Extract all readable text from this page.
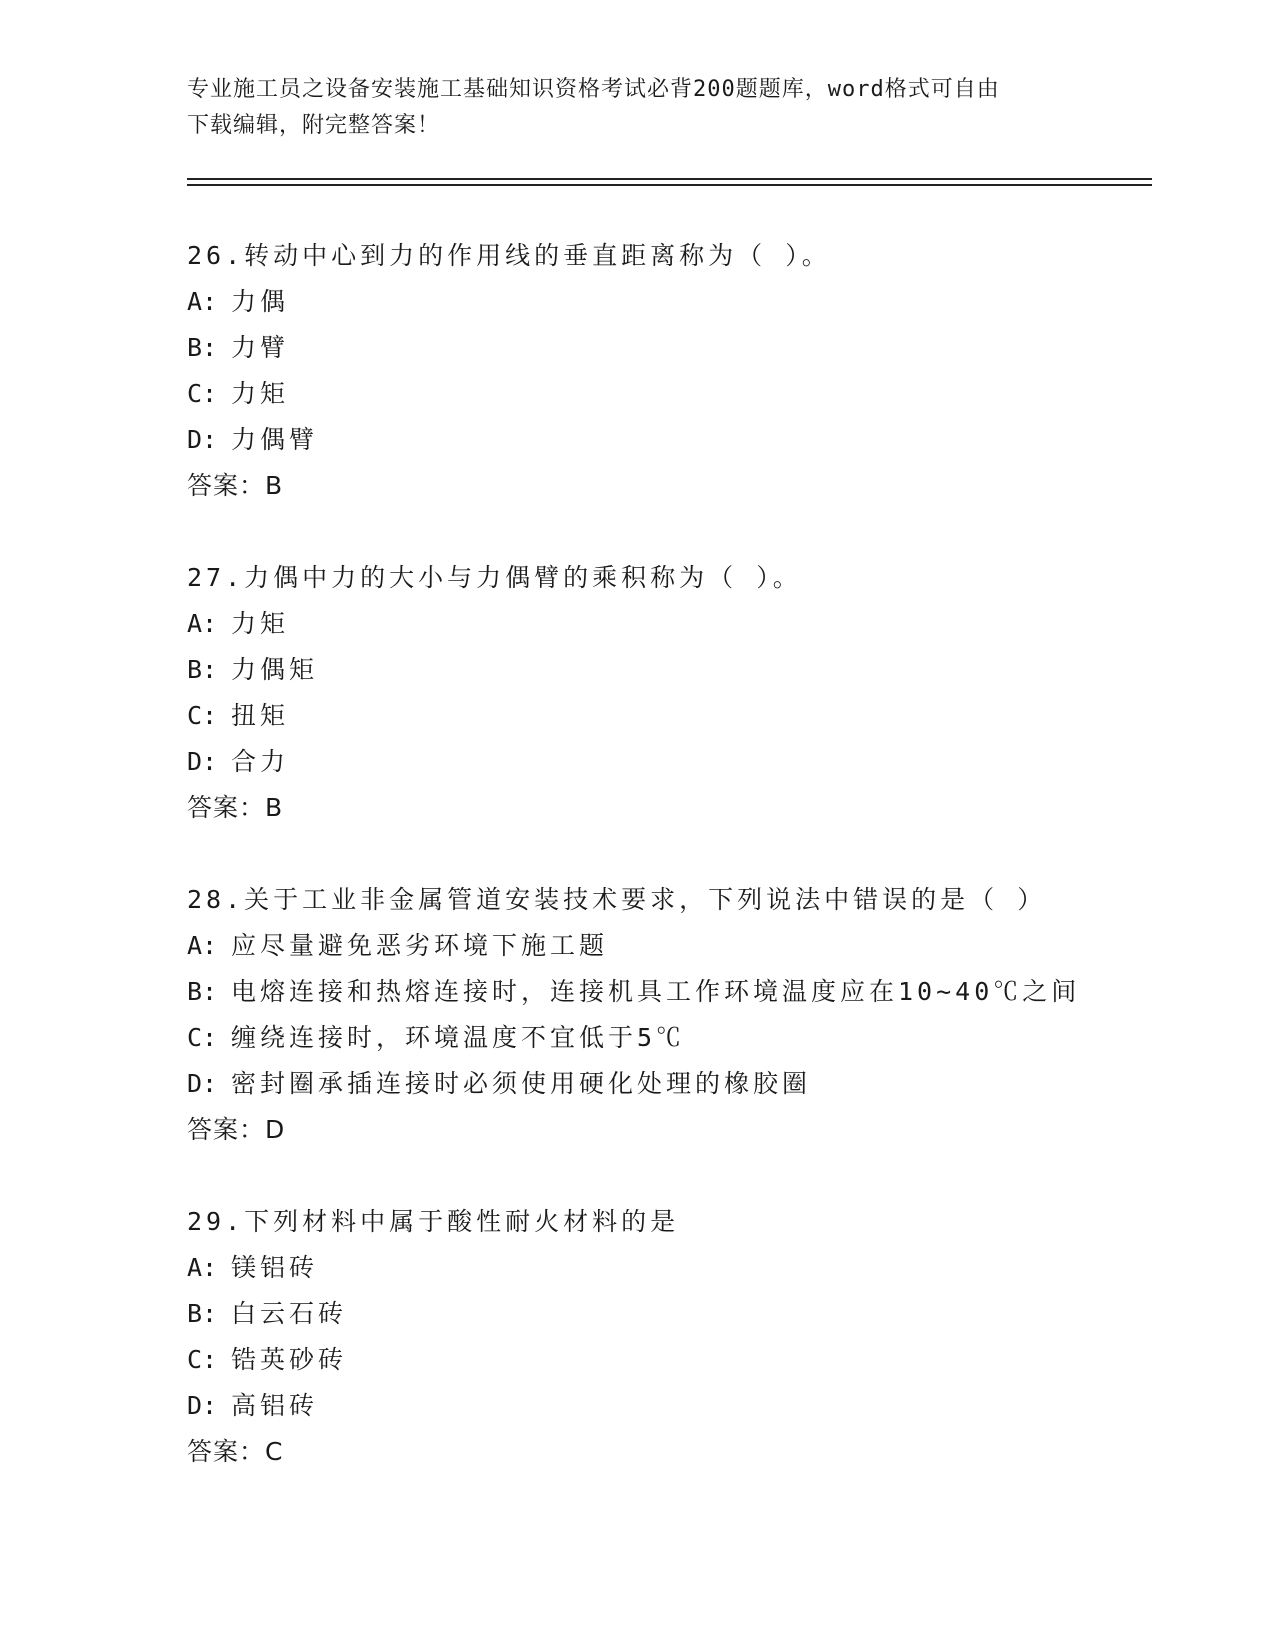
专业施工员之设备安装施工基础知识资格考试必背200题题库，word格式可自由
下载编辑，附完整答案！
26.转动中心到力的作用线的垂直距离称为（ ）。
A: 力偶
B: 力臂
C: 力矩
D: 力偶臂
答案：B
27.力偶中力的大小与力偶臂的乘积称为（ ）。
A: 力矩
B: 力偶矩
C: 扭矩
D: 合力
答案：B
28.关于工业非金属管道安装技术要求，下列说法中错误的是（ ）
A: 应尽量避免恶劣环境下施工题
B: 电熔连接和热熔连接时，连接机具工作环境温度应在10~40℃之间
C: 缠绕连接时，环境温度不宜低于5℃
D: 密封圈承插连接时必须使用硬化处理的橡胶圈
答案：D
29.下列材料中属于酸性耐火材料的是
A: 镁铝砖
B: 白云石砖
C: 锆英砂砖
D: 高铝砖
答案：C
